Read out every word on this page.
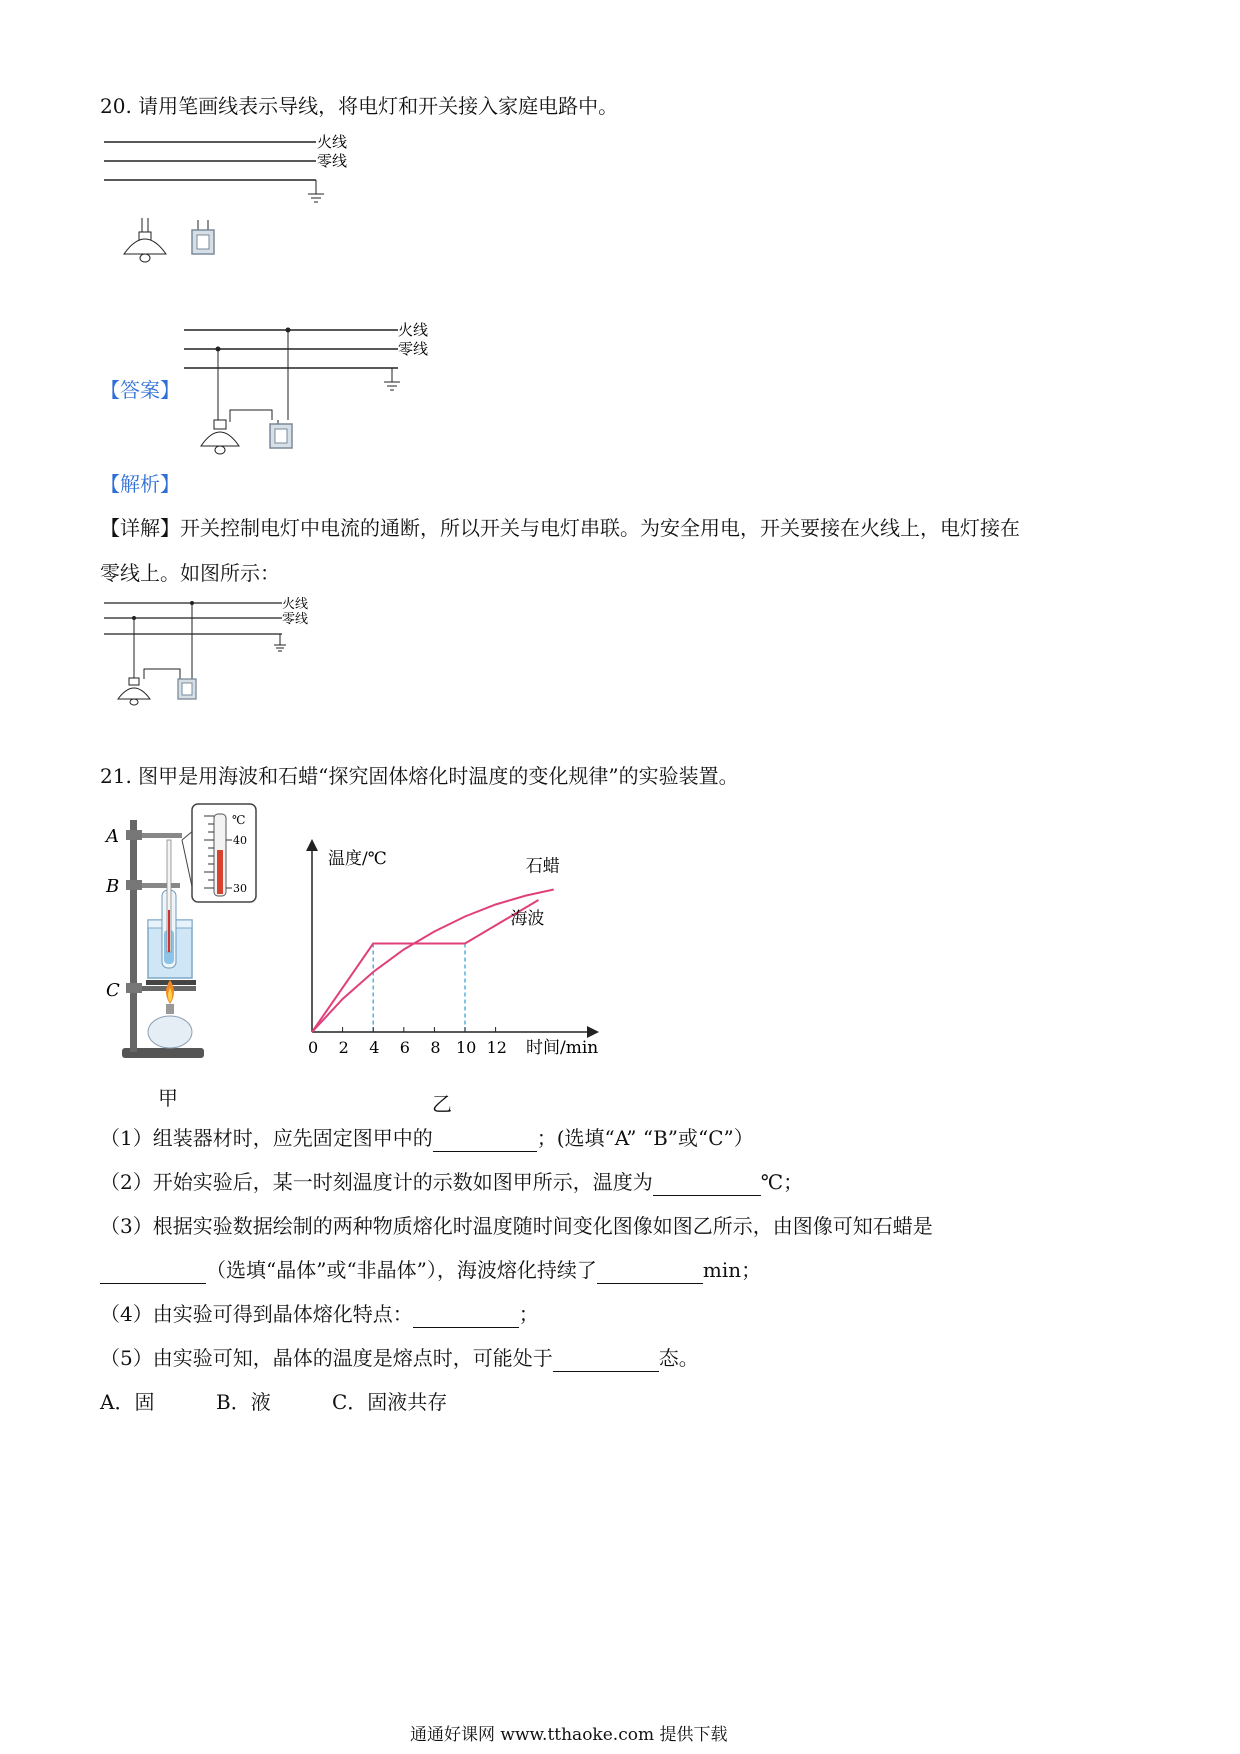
20. 请用笔画线表示导线，将电灯和开关接入家庭电路中。
火线
零线
【答案】
火线
零线
【解析】
【详解】开关控制电灯中电流的通断，所以开关与电灯串联。为安全用电，开关要接在火线上，电灯接在
零线上。如图所示：
火线
零线
21. 图甲是用海波和石蜡“探究固体熔化时温度的变化规律”的实验装置。
A
B
C
℃
40
30
甲
0 2 4 6 8 10 12
石蜡
海波
温度/℃
时间/min
乙
（1）组装器材时，应先固定图甲中的	；(选填“A” “B”或“C”）
（2）开始实验后，某一时刻温度计的示数如图甲所示，温度为	℃；
（3）根据实验数据绘制的两种物质熔化时温度随时间变化图像如图乙所示，由图像可知石蜡是
（选填“晶体”或“非晶体”），海波熔化持续了	min；
（4）由实验可得到晶体熔化特点：	；
（5）由实验可知，晶体的温度是熔点时，可能处于	态。
A．固	B．液	C．固液共存
通通好课网 www.tthaoke.com 提供下载
